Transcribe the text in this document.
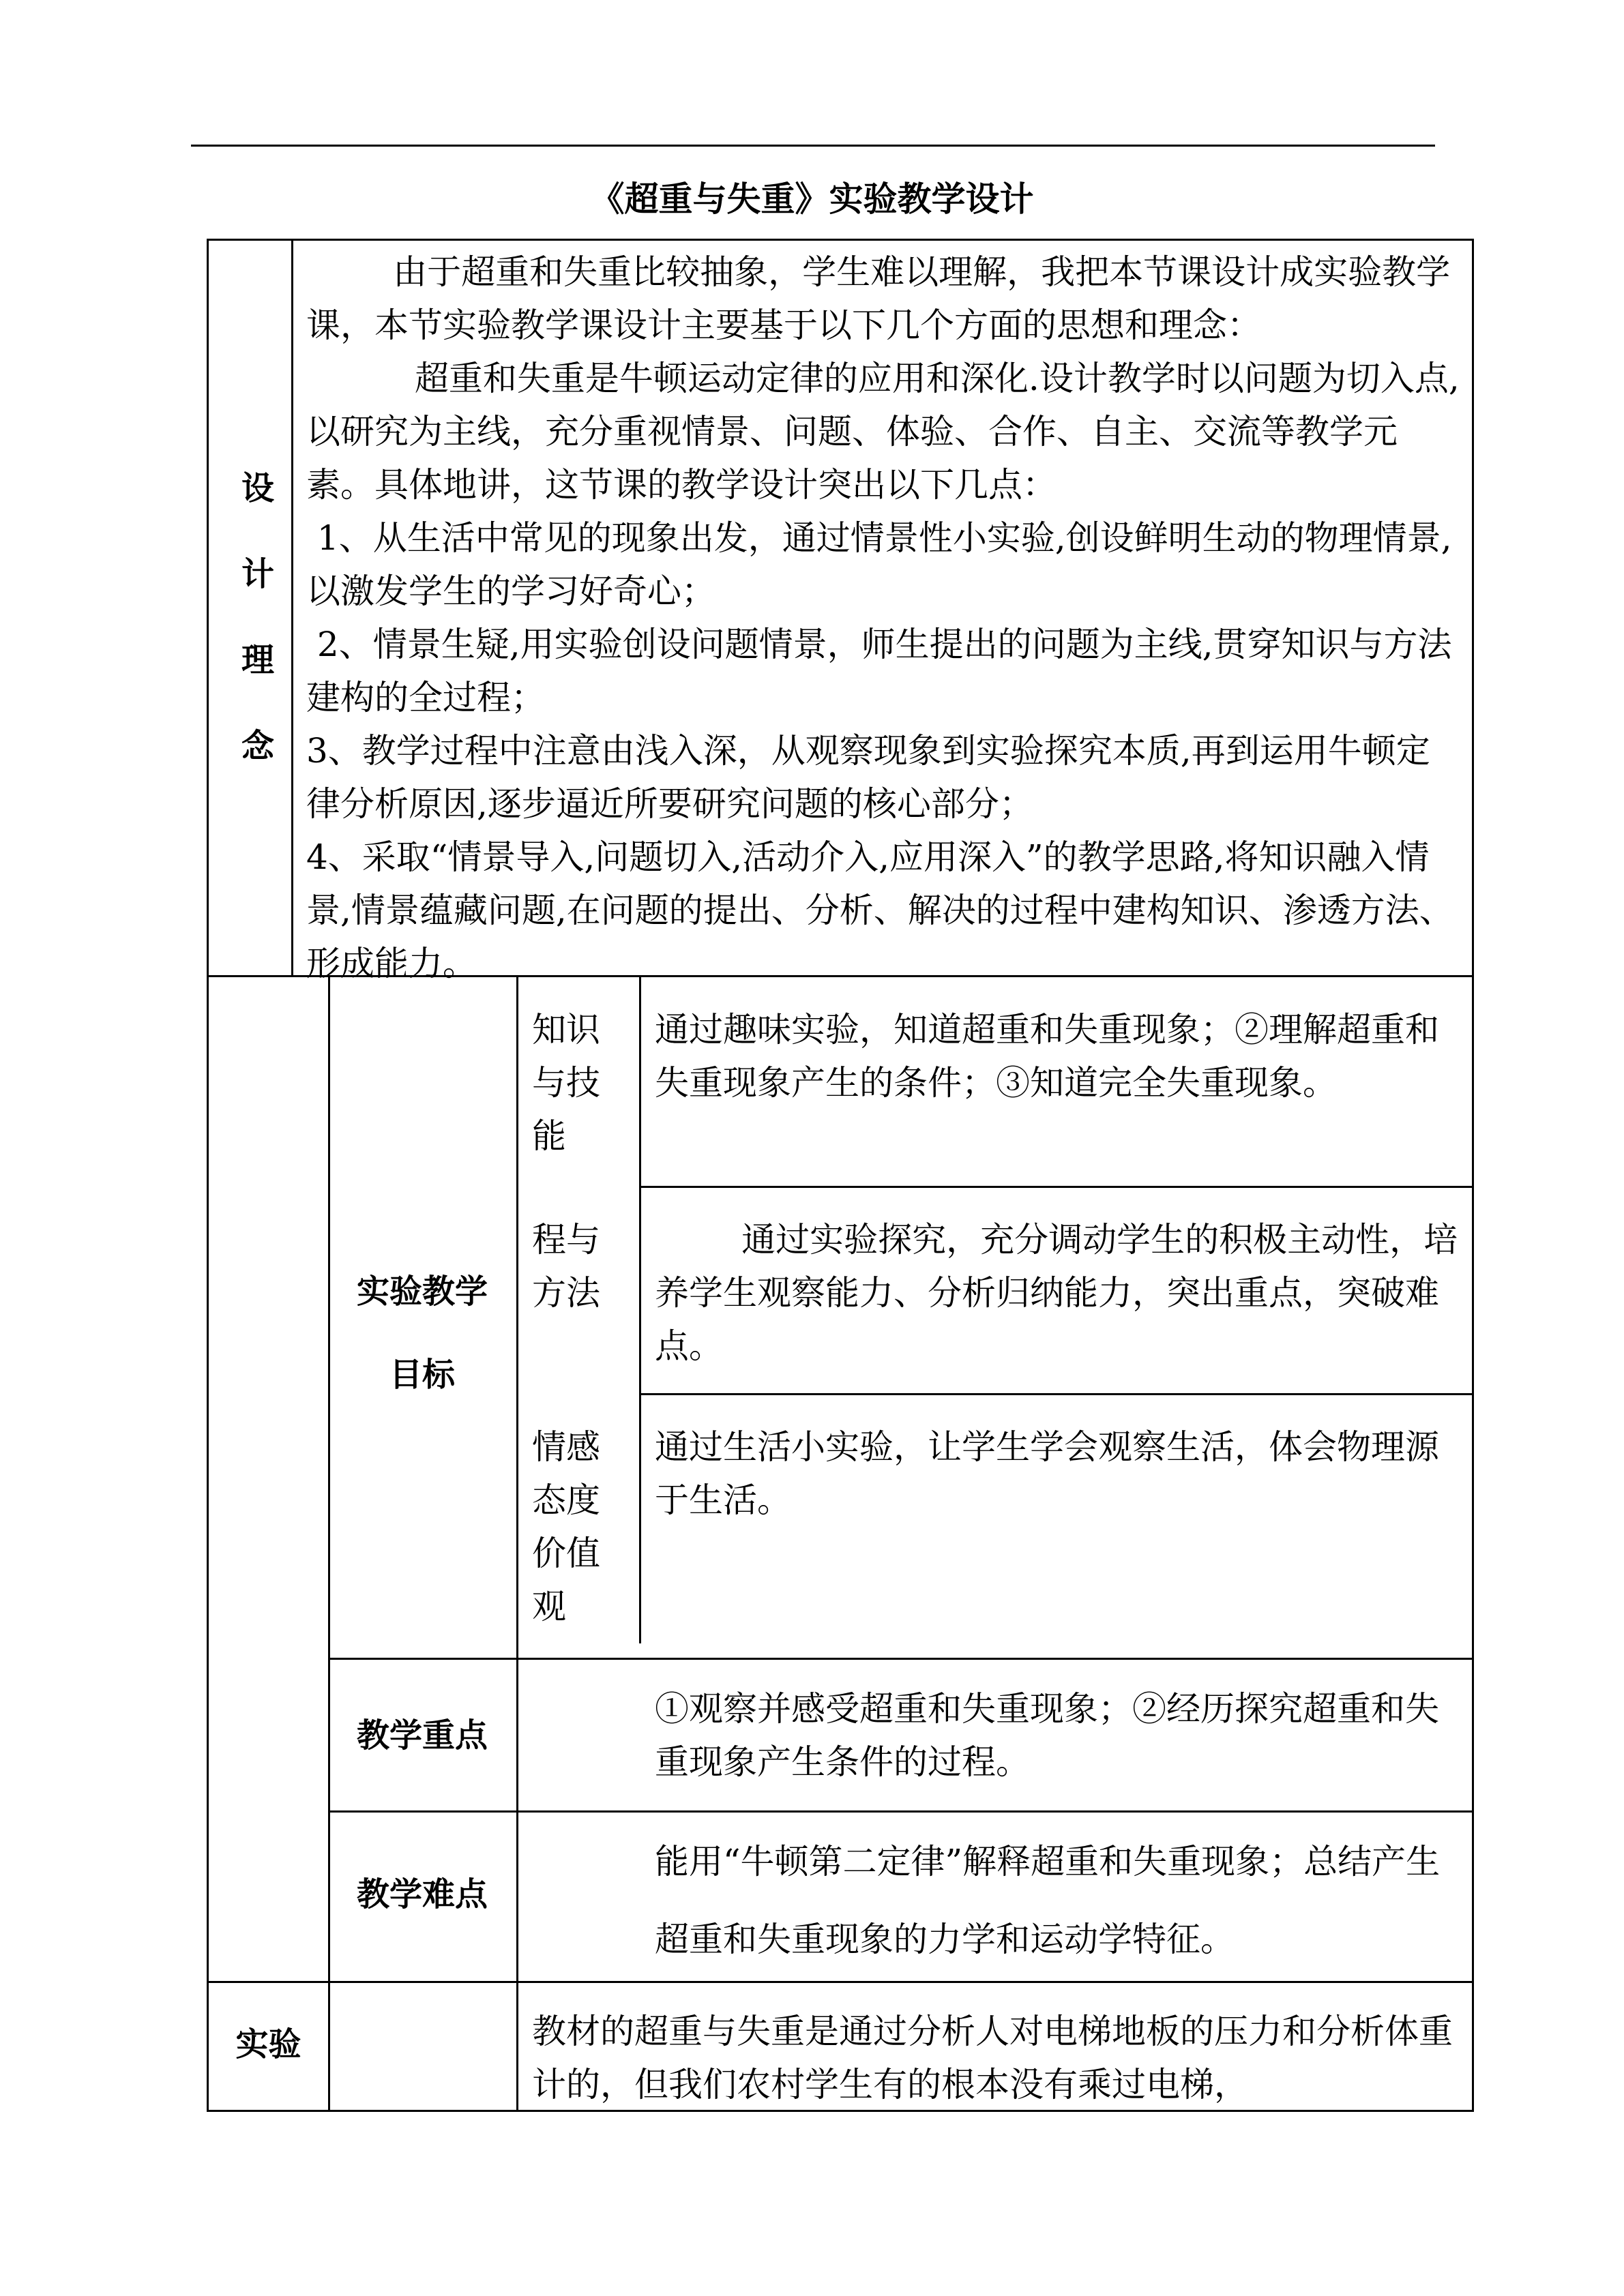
《超重与失重》实验教学设计
设
计
理
念

由于超重和失重比较抽象，学生难以理解，我把本节课设计成实验教学课，本节实验教学课设计主要基于以下几个方面的思想和理念：

超重和失重是牛顿运动定律的应用和深化.设计教学时以问题为切入点,以研究为主线，充分重视情景、问题、体验、合作、自主、交流等教学元素。具体地讲，这节课的教学设计突出以下几点：

1、从生活中常见的现象出发，通过情景性小实验,创设鲜明生动的物理情景,以激发学生的学习好奇心；

2、情景生疑,用实验创设问题情景，师生提出的问题为主线,贯穿知识与方法建构的全过程；

3、教学过程中注意由浅入深，从观察现象到实验探究本质,再到运用牛顿定律分析原因,逐步逼近所要研究问题的核心部分；

4、采取“情景导入,问题切入,活动介入,应用深入”的教学思路,将知识融入情景,情景蕴藏问题,在问题的提出、分析、解决的过程中建构知识、渗透方法、形成能力。

实验教学
目标
知识与技能
通过趣味实验，知道超重和失重现象；②理解超重和失重现象产生的条件；③知道完全失重现象。
程与方法
通过实验探究，充分调动学生的积极主动性，培养学生观察能力、分析归纳能力，突出重点，突破难点。
情感态度价值观
通过生活小实验，让学生学会观察生活，体会物理源于生活。
教学重点
①观察并感受超重和失重现象；②经历探究超重和失重现象产生条件的过程。
教学难点
能用“牛顿第二定律”解释超重和失重现象；总结产生
超重和失重现象的力学和运动学特征。
实验	教材的超重与失重是通过分析人对电梯地板的压力和分析体重计的，但我们农村学生有的根本没有乘过电梯，
